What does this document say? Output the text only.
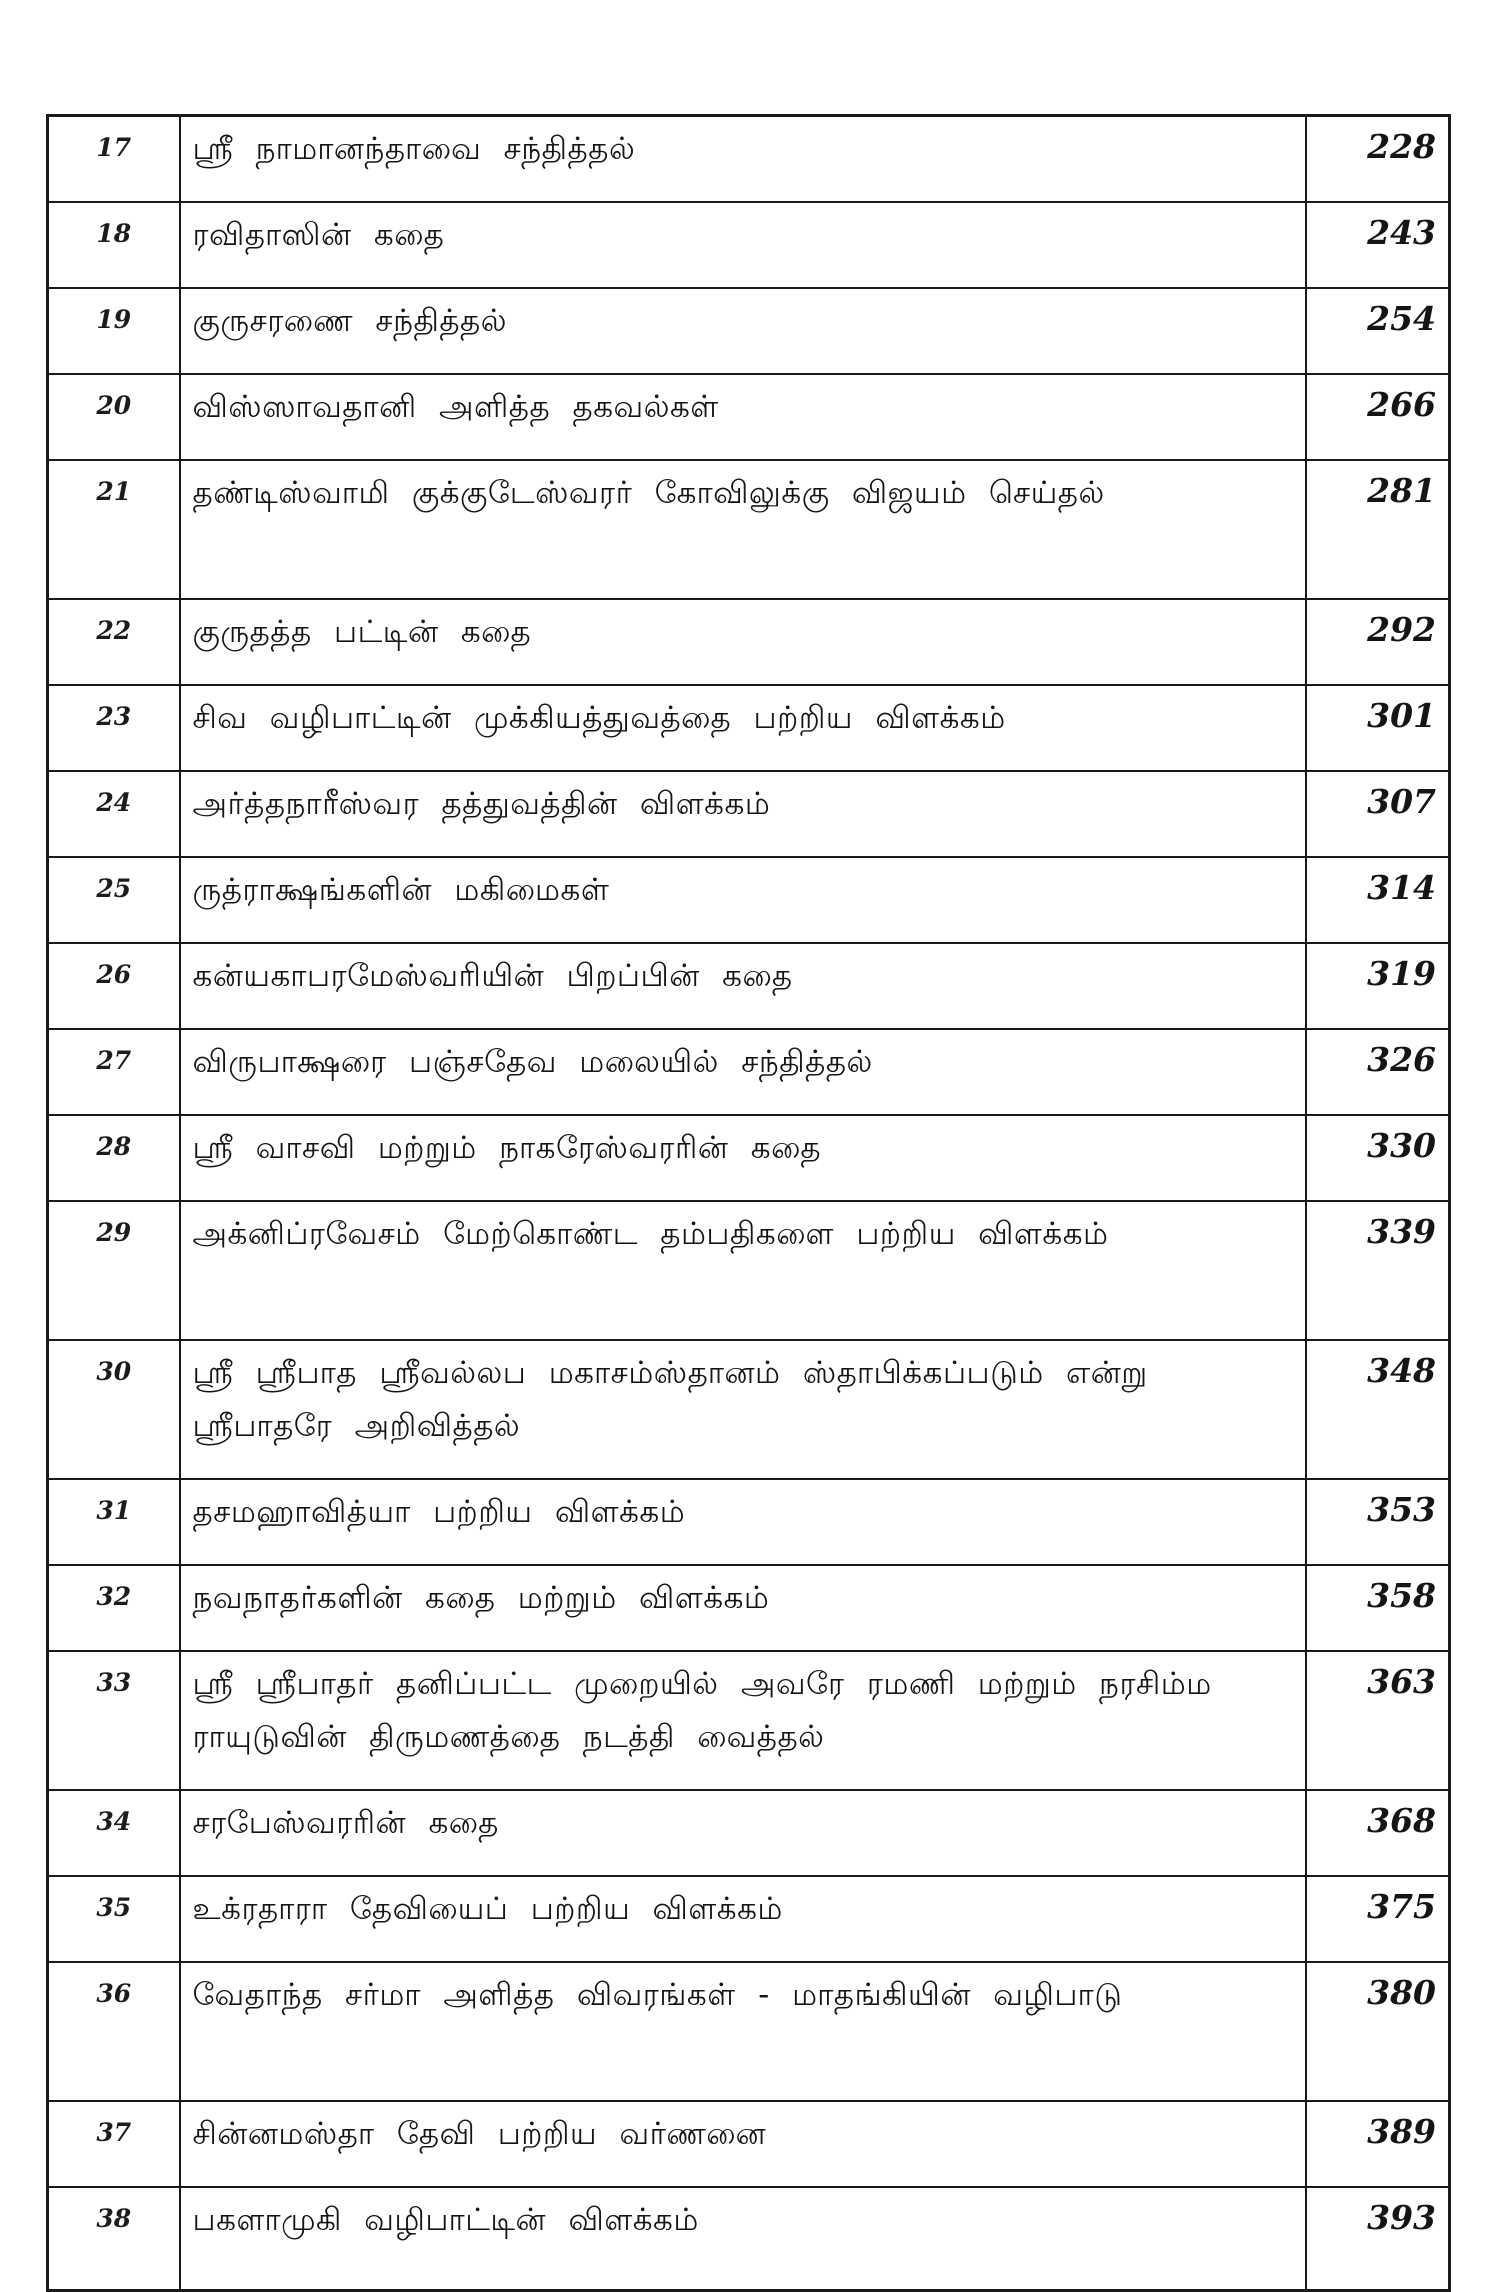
17	ஸ்ரீ நாமானந்தாவை சந்தித்தல்	228
18	ரவிதாஸின் கதை	243
19	குருசரணை சந்தித்தல்	254
20	விஸ்ஸாவதானி அளித்த தகவல்கள்	266
21	தண்டிஸ்வாமி குக்குடேஸ்வரர் கோவிலுக்கு விஜயம் செய்தல்	281
22	குருதத்த பட்டின் கதை	292
23	சிவ வழிபாட்டின் முக்கியத்துவத்தை பற்றிய விளக்கம்	301
24	அர்த்தநாரீஸ்வர தத்துவத்தின் விளக்கம்	307
25	ருத்ராக்ஷங்களின் மகிமைகள்	314
26	கன்யகாபரமேஸ்வரியின் பிறப்பின் கதை	319
27	விருபாக்ஷரை பஞ்சதேவ மலையில் சந்தித்தல்	326
28	ஸ்ரீ வாசவி மற்றும் நாகரேஸ்வரரின் கதை	330
29	அக்னிப்ரவேசம் மேற்கொண்ட தம்பதிகளை பற்றிய விளக்கம்	339
30	ஸ்ரீ ஸ்ரீபாத ஸ்ரீவல்லப மகாசம்ஸ்தானம் ஸ்தாபிக்கப்படும் என்று ஸ்ரீபாதரே அறிவித்தல்	348
31	தசமஹாவித்யா பற்றிய விளக்கம்	353
32	நவநாதர்களின் கதை மற்றும் விளக்கம்	358
33	ஸ்ரீ ஸ்ரீபாதர் தனிப்பட்ட முறையில் அவரே ரமணி மற்றும் நரசிம்ம ராயுடுவின் திருமணத்தை நடத்தி வைத்தல்	363
34	சரபேஸ்வரரின் கதை	368
35	உக்ரதாரா தேவியைப் பற்றிய விளக்கம்	375
36	வேதாந்த சர்மா அளித்த விவரங்கள் - மாதங்கியின் வழிபாடு	380
37	சின்னமஸ்தா தேவி பற்றிய வர்ணனை	389
38	பகளாமுகி வழிபாட்டின் விளக்கம்	393
